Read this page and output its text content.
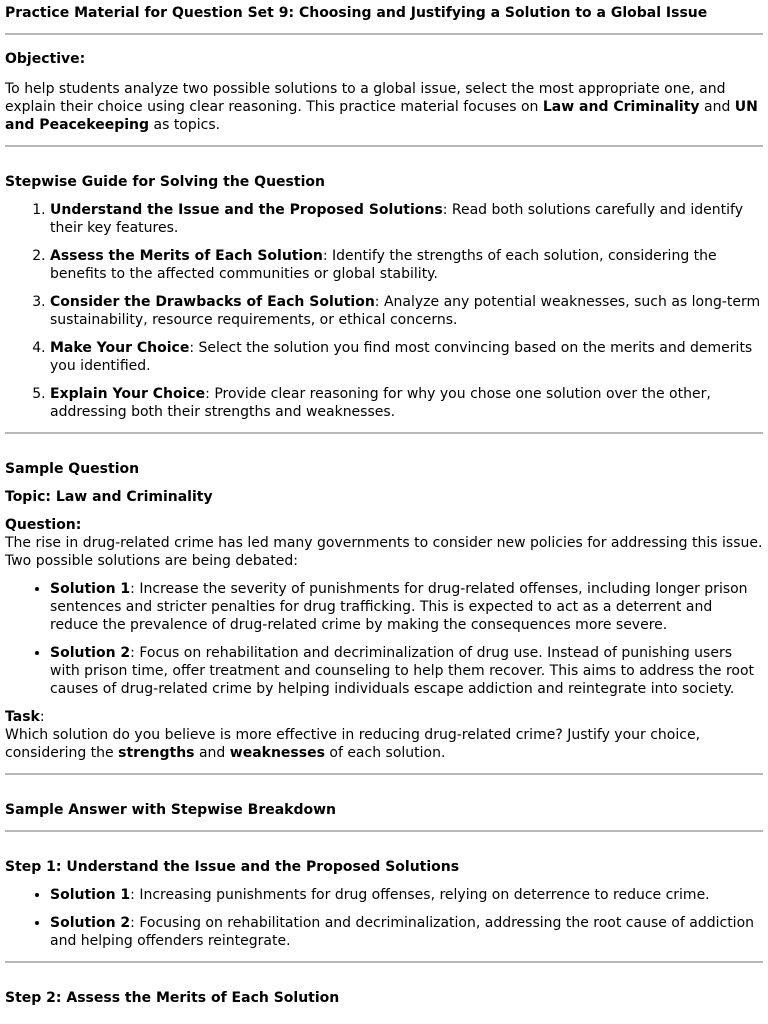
Practice Material for Question Set 9: Choosing and Justifying a Solution to a Global Issue
Objective:

To help students analyze two possible solutions to a global issue, select the most appropriate one, and explain their choice using clear reasoning. This practice material focuses on Law and Criminality and UN and Peacekeeping as topics.

Stepwise Guide for Solving the Question
1. Understand the Issue and the Proposed Solutions: Read both solutions carefully and identify their key features.
2. Assess the Merits of Each Solution: Identify the strengths of each solution, considering the benefits to the affected communities or global stability.
3. Consider the Drawbacks of Each Solution: Analyze any potential weaknesses, such as long-term sustainability, resource requirements, or ethical concerns.
4. Make Your Choice: Select the solution you find most convincing based on the merits and demerits you identified.
5. Explain Your Choice: Provide clear reasoning for why you chose one solution over the other, addressing both their strengths and weaknesses.
Sample Question
Topic: Law and Criminality

Question:
The rise in drug-related crime has led many governments to consider new policies for addressing this issue. Two possible solutions are being debated:

• Solution 1: Increase the severity of punishments for drug-related offenses, including longer prison sentences and stricter penalties for drug trafficking. This is expected to act as a deterrent and reduce the prevalence of drug-related crime by making the consequences more severe.
• Solution 2: Focus on rehabilitation and decriminalization of drug use. Instead of punishing users with prison time, offer treatment and counseling to help them recover. This aims to address the root causes of drug-related crime by helping individuals escape addiction and reintegrate into society.

Task:
Which solution do you believe is more effective in reducing drug-related crime? Justify your choice, considering the strengths and weaknesses of each solution.

Sample Answer with Stepwise Breakdown
Step 1: Understand the Issue and the Proposed Solutions
• Solution 1: Increasing punishments for drug offenses, relying on deterrence to reduce crime.
• Solution 2: Focusing on rehabilitation and decriminalization, addressing the root cause of addiction and helping offenders reintegrate.
Step 2: Assess the Merits of Each Solution
